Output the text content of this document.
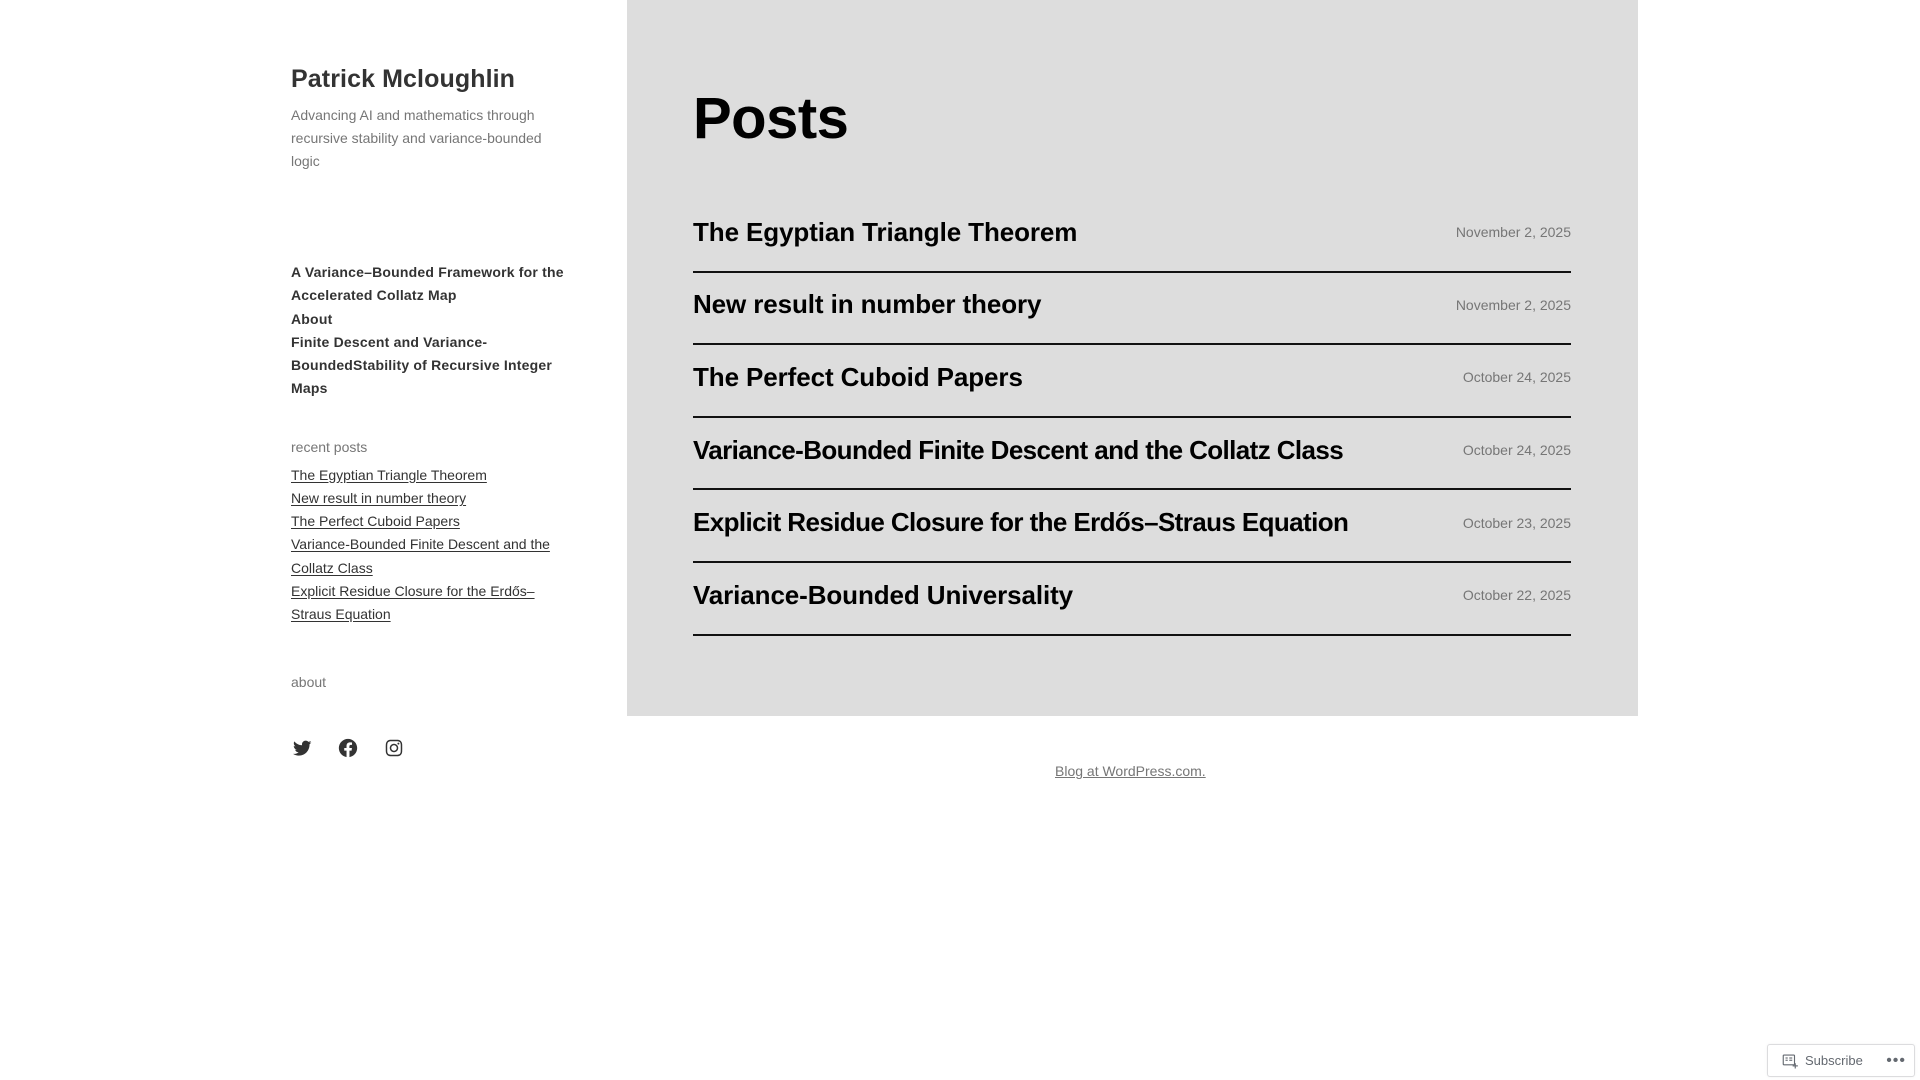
Patrick Mcloughlin

Advancing AI and mathematics through recursive stability and variance-bounded logic

A Variance–Bounded Framework for the Accelerated Collatz Map
About
Finite Descent and Variance-BoundedStability of Recursive Integer Maps
recent posts
The Egyptian Triangle Theorem
New result in number theory
The Perfect Cuboid Papers
Variance-Bounded Finite Descent and the Collatz Class
Explicit Residue Closure for the Erdős–Straus Equation
about
Posts
The Egyptian Triangle Theorem	November 2, 2025
New result in number theory	November 2, 2025
The Perfect Cuboid Papers	October 24, 2025
Variance-Bounded Finite Descent and the Collatz Class	October 24, 2025
Explicit Residue Closure for the Erdős–Straus Equation	October 23, 2025
Variance-Bounded Universality	October 22, 2025
Blog at WordPress.com.
Subscribe •••
